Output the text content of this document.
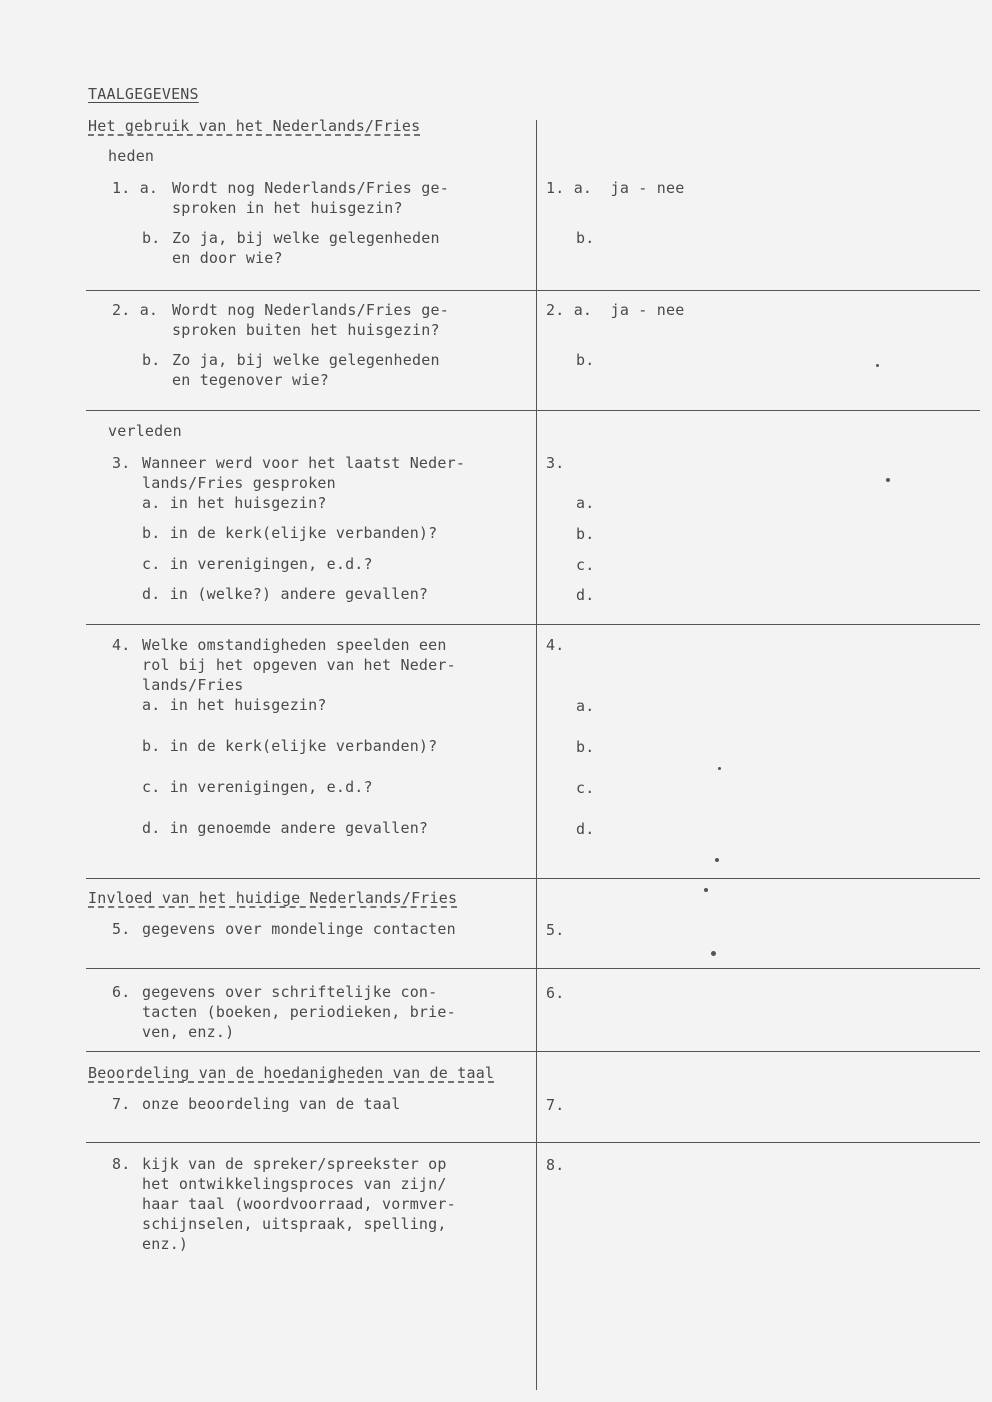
TAALGEGEVENS
Het gebruik van het Nederlands/Fries
heden
1. a. Wordt nog Nederlands/Fries ge-
sproken in het huisgezin?
b. Zo ja, bij welke gelegenheden
en door wie?
1. a.  ja - nee
b.
2. a. Wordt nog Nederlands/Fries ge-
sproken buiten het huisgezin?
b. Zo ja, bij welke gelegenheden
en tegenover wie?
2. a.  ja - nee
b.
verleden
3. Wanneer werd voor het laatst Neder-
lands/Fries gesproken
a. in het huisgezin?
b. in de kerk(elijke verbanden)?
c. in verenigingen, e.d.?
d. in (welke?) andere gevallen?
3.
a.
b.
c.
d.
4. Welke omstandigheden speelden een
rol bij het opgeven van het Neder-
lands/Fries
a. in het huisgezin?
b. in de kerk(elijke verbanden)?
c. in verenigingen, e.d.?
d. in genoemde andere gevallen?
4.
a.
b.
c.
d.
Invloed van het huidige Nederlands/Fries
5. gegevens over mondelinge contacten	5.
6. gegevens over schriftelijke con-
tacten (boeken, periodieken, brie-
ven, enz.)
6.
Beoordeling van de hoedanigheden van de taal
7. onze beoordeling van de taal	7.
8. kijk van de spreker/spreekster op
het ontwikkelingsproces van zijn/
haar taal (woordvoorraad, vormver-
schijnselen, uitspraak, spelling,
enz.)
8.
